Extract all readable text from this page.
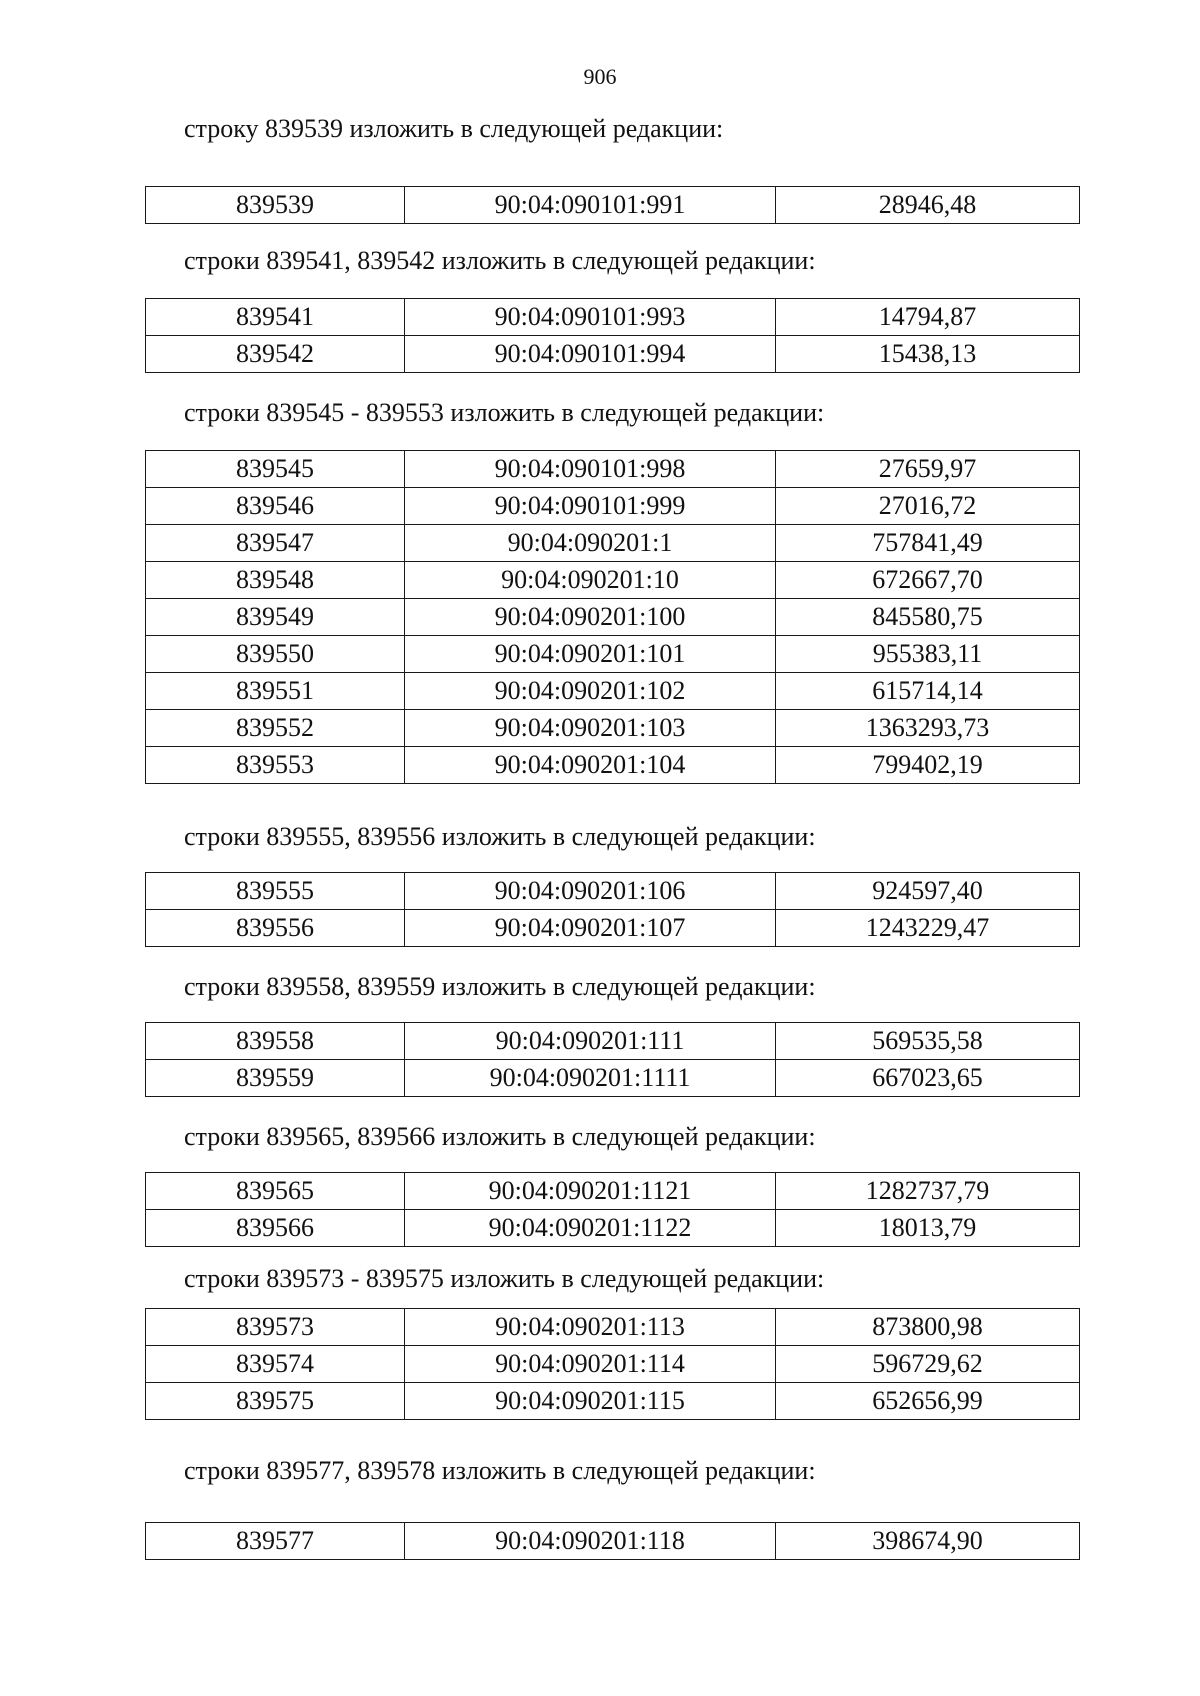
906
строку 839539 изложить в следующей редакции:
839539	90:04:090101:991	28946,48
строки 839541, 839542 изложить в следующей редакции:
839541	90:04:090101:993	14794,87
839542	90:04:090101:994	15438,13
строки 839545 - 839553 изложить в следующей редакции:
839545	90:04:090101:998	27659,97
839546	90:04:090101:999	27016,72
839547	90:04:090201:1	757841,49
839548	90:04:090201:10	672667,70
839549	90:04:090201:100	845580,75
839550	90:04:090201:101	955383,11
839551	90:04:090201:102	615714,14
839552	90:04:090201:103	1363293,73
839553	90:04:090201:104	799402,19
строки 839555, 839556 изложить в следующей редакции:
839555	90:04:090201:106	924597,40
839556	90:04:090201:107	1243229,47
строки 839558, 839559 изложить в следующей редакции:
839558	90:04:090201:111	569535,58
839559	90:04:090201:1111	667023,65
строки 839565, 839566 изложить в следующей редакции:
839565	90:04:090201:1121	1282737,79
839566	90:04:090201:1122	18013,79
строки 839573 - 839575 изложить в следующей редакции:
839573	90:04:090201:113	873800,98
839574	90:04:090201:114	596729,62
839575	90:04:090201:115	652656,99
строки 839577, 839578 изложить в следующей редакции:
839577	90:04:090201:118	398674,90
